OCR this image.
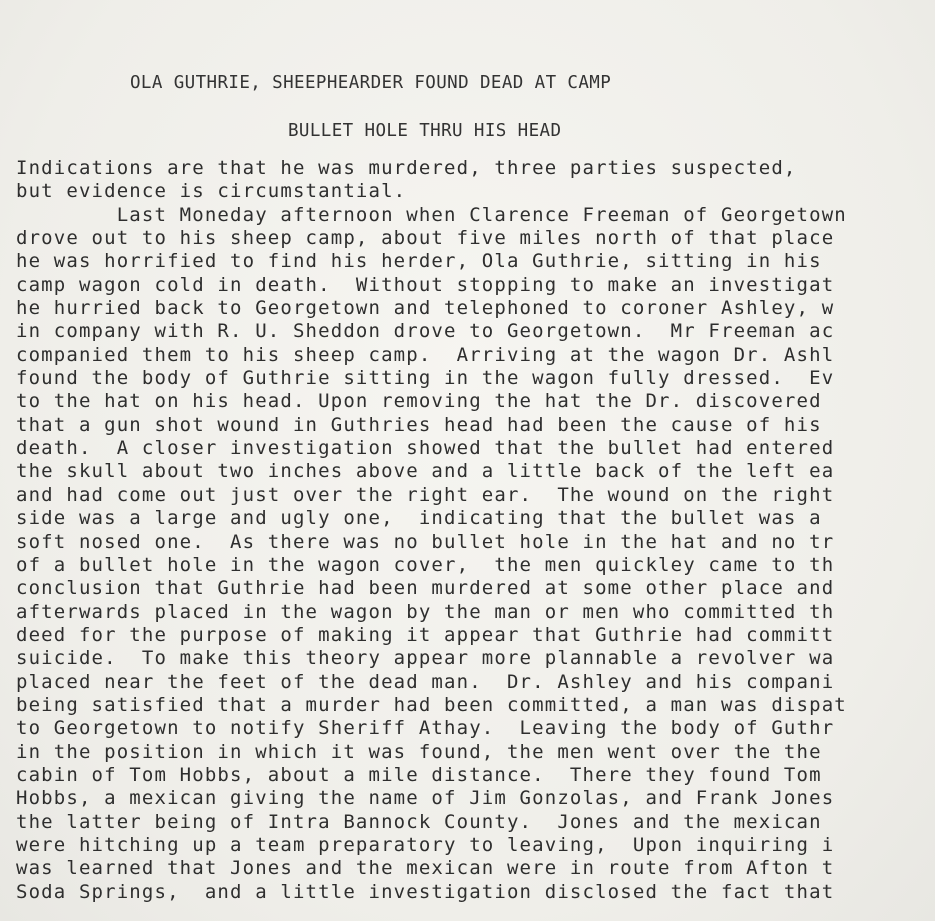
OLA GUTHRIE, SHEEPHEARDER FOUND DEAD AT CAMP
BULLET HOLE THRU HIS HEAD
Indications are that he was murdered, three parties suspected,
but evidence is circumstantial.
Last Moneday afternoon when Clarence Freeman of Georgetown
drove out to his sheep camp, about five miles north of that place
he was horrified to find his herder, Ola Guthrie, sitting in his
camp wagon cold in death.  Without stopping to make an investigat
he hurried back to Georgetown and telephoned to coroner Ashley, w
in company with R. U. Sheddon drove to Georgetown.  Mr Freeman ac
companied them to his sheep camp.  Arriving at the wagon Dr. Ashl
found the body of Guthrie sitting in the wagon fully dressed.  Ev
to the hat on his head. Upon removing the hat the Dr. discovered
that a gun shot wound in Guthries head had been the cause of his
death.  A closer investigation showed that the bullet had entered
the skull about two inches above and a little back of the left ea
and had come out just over the right ear.  The wound on the right
side was a large and ugly one,  indicating that the bullet was a
soft nosed one.  As there was no bullet hole in the hat and no tr
of a bullet hole in the wagon cover,  the men quickley came to th
conclusion that Guthrie had been murdered at some other place and
afterwards placed in the wagon by the man or men who committed th
deed for the purpose of making it appear that Guthrie had committ
suicide.  To make this theory appear more plannable a revolver wa
placed near the feet of the dead man.  Dr. Ashley and his compani
being satisfied that a murder had been committed, a man was dispat
to Georgetown to notify Sheriff Athay.  Leaving the body of Guthr
in the position in which it was found, the men went over the the
cabin of Tom Hobbs, about a mile distance.  There they found Tom
Hobbs, a mexican giving the name of Jim Gonzolas, and Frank Jones
the latter being of Intra Bannock County.  Jones and the mexican
were hitching up a team preparatory to leaving,  Upon inquiring i
was learned that Jones and the mexican were in route from Afton t
Soda Springs,  and a little investigation disclosed the fact that
